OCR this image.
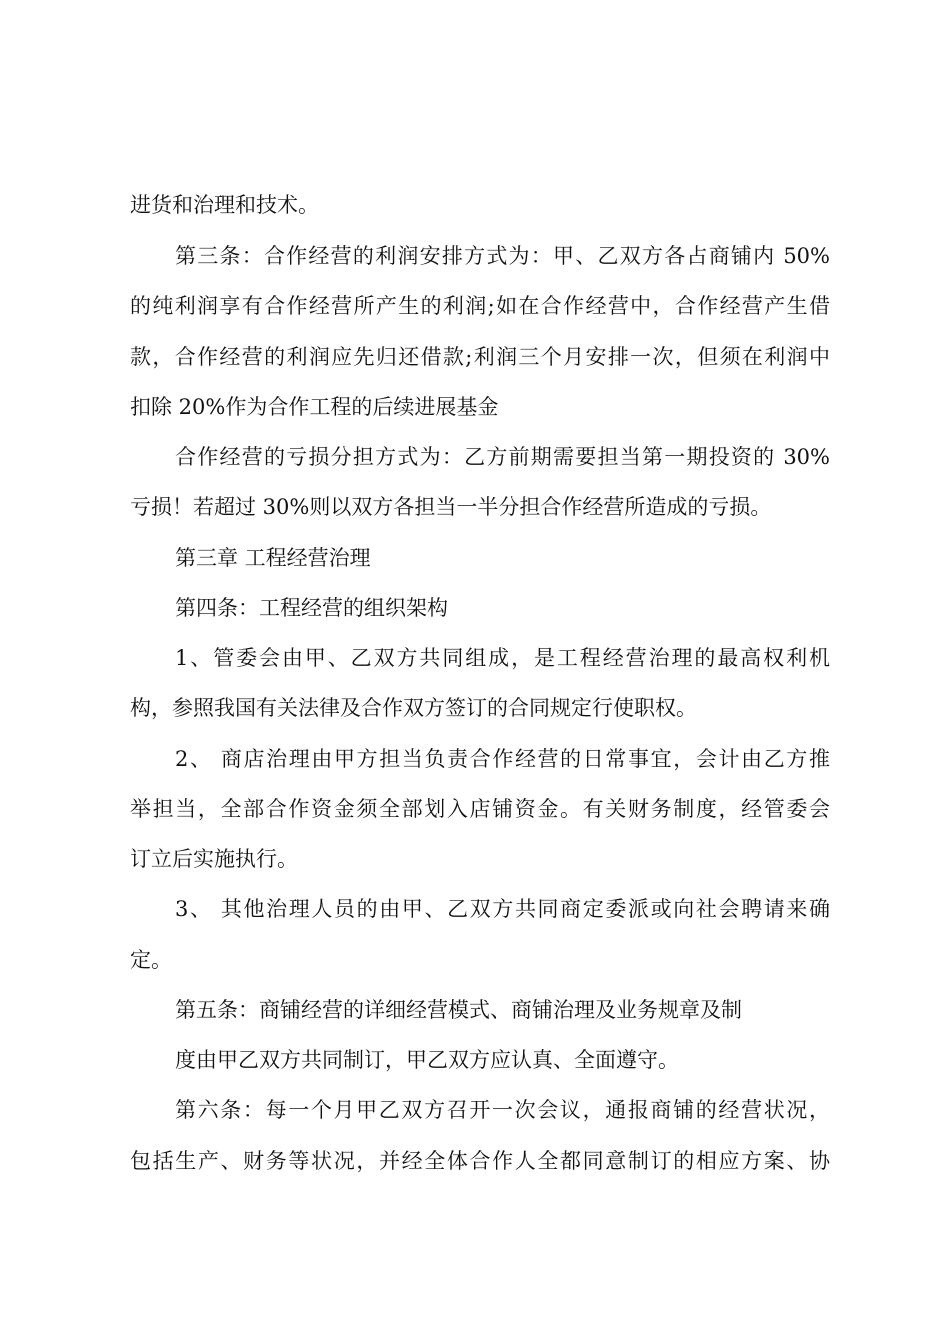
进货和治理和技术。
第三条：合作经营的利润安排方式为：甲、乙双方各占商铺内 50%
的纯利润享有合作经营所产生的利润;如在合作经营中，合作经营产生借
款，合作经营的利润应先归还借款;利润三个月安排一次，但须在利润中
扣除 20%作为合作工程的后续进展基金
合作经营的亏损分担方式为：乙方前期需要担当第一期投资的 30%
亏损！若超过 30%则以双方各担当一半分担合作经营所造成的亏损。
第三章 工程经营治理
第四条：工程经营的组织架构
1、管委会由甲、乙双方共同组成，是工程经营治理的最高权利机
构，参照我国有关法律及合作双方签订的合同规定行使职权。
2、 商店治理由甲方担当负责合作经营的日常事宜，会计由乙方推
举担当，全部合作资金须全部划入店铺资金。有关财务制度，经管委会
订立后实施执行。
3、 其他治理人员的由甲、乙双方共同商定委派或向社会聘请来确
定。
第五条：商铺经营的详细经营模式、商铺治理及业务规章及制
度由甲乙双方共同制订，甲乙双方应认真、全面遵守。
第六条：每一个月甲乙双方召开一次会议，通报商铺的经营状况，
包括生产、财务等状况，并经全体合作人全都同意制订的相应方案、协
